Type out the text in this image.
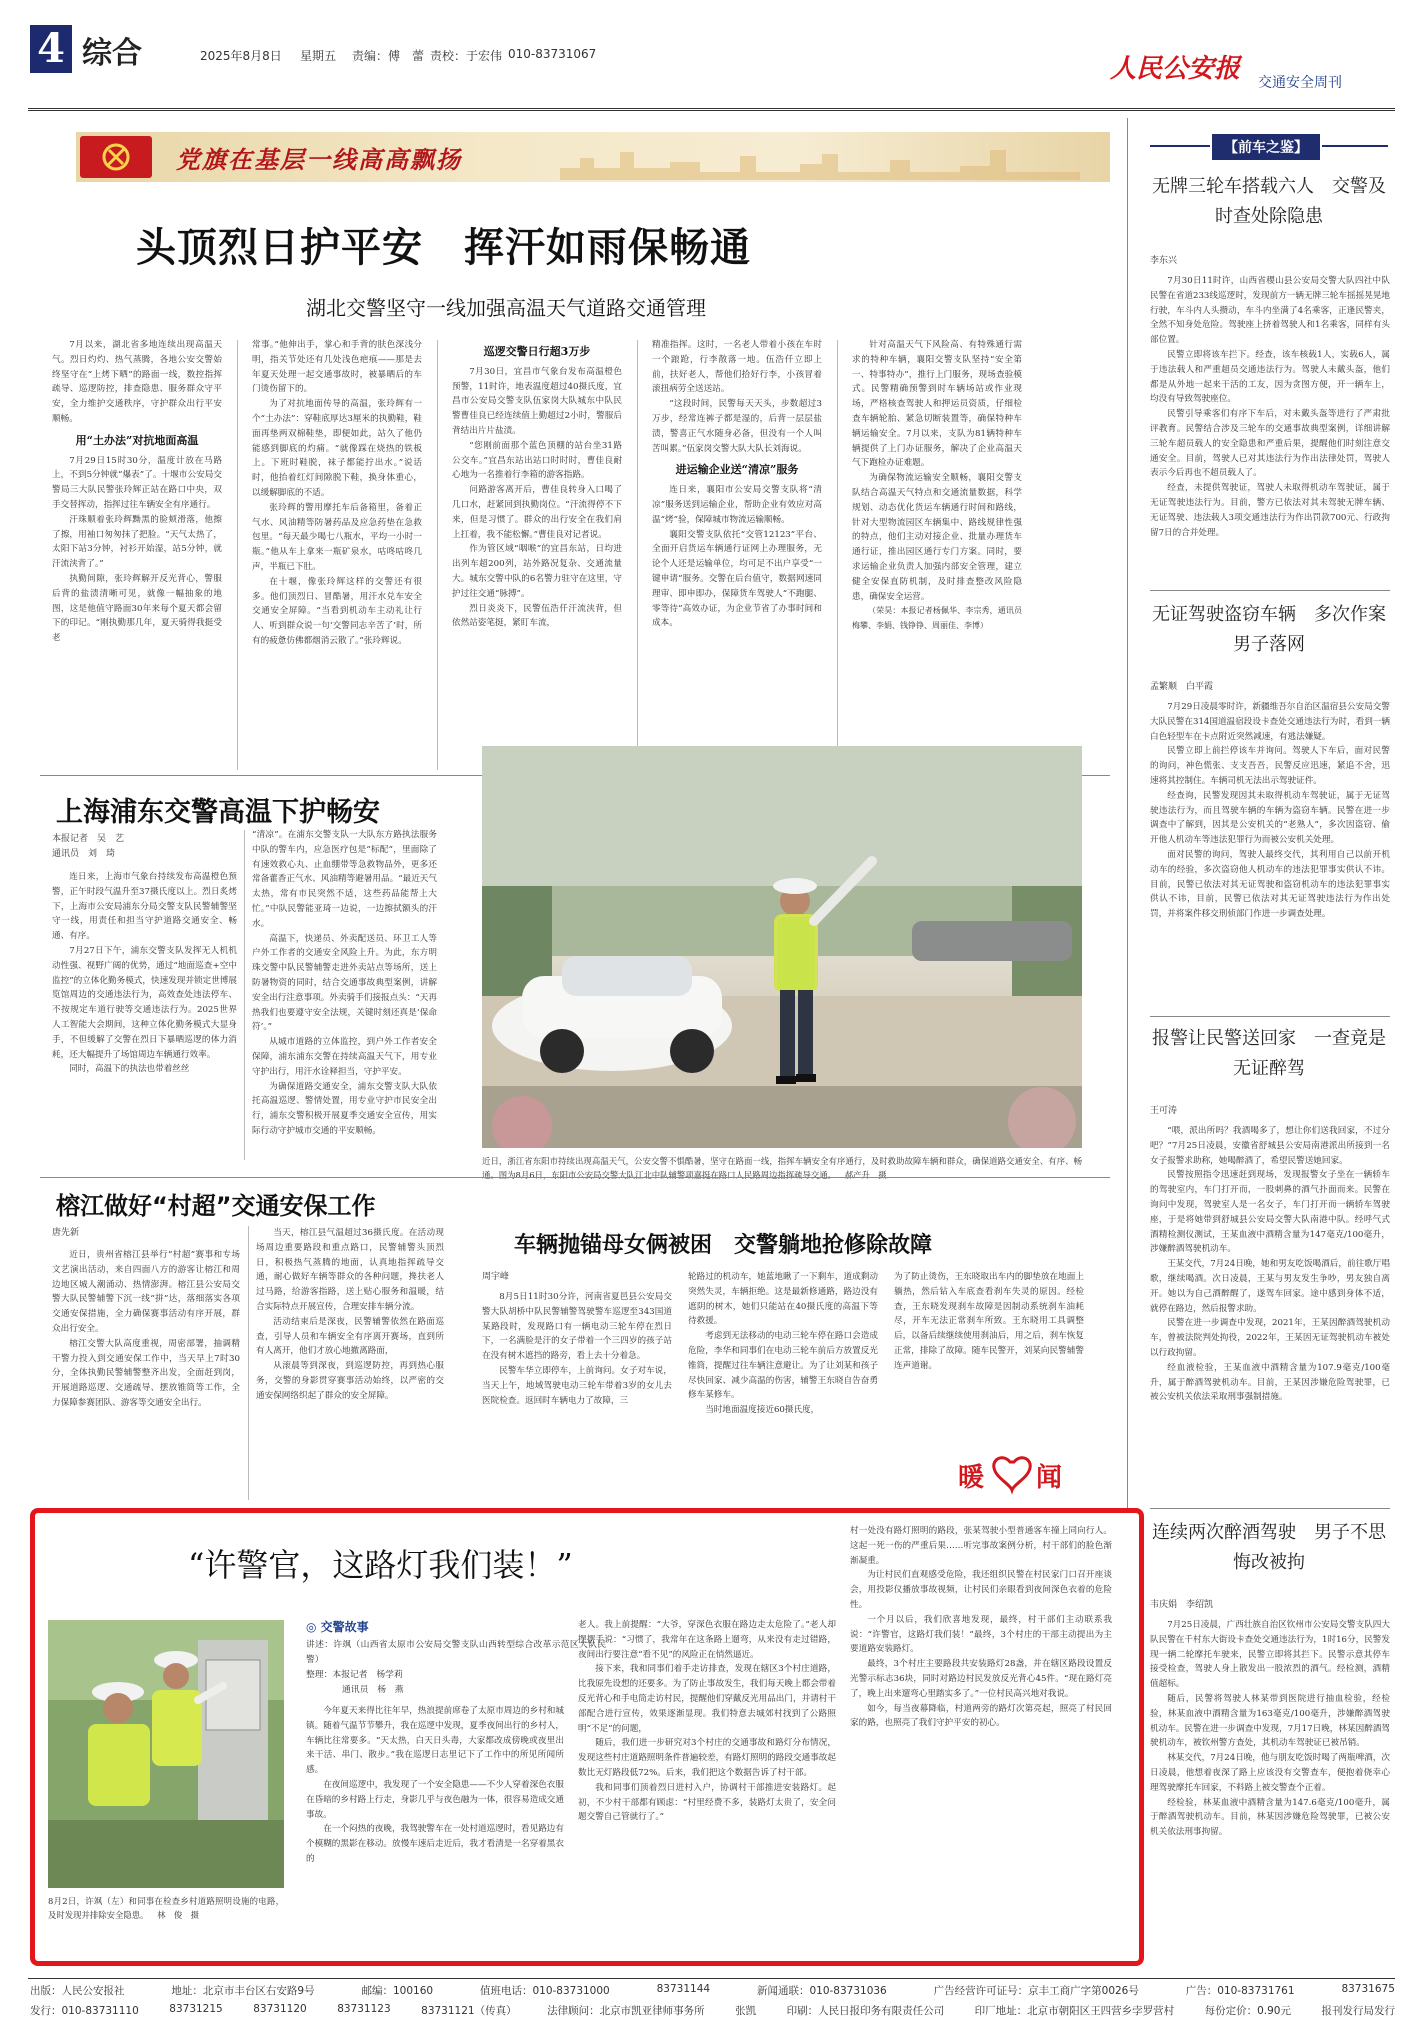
4 综合	2025年8月8日 星期五 责编：傅　蕾 责校：于宏伟 010-83731067	人民公安报 交通安全周刊
党旗在基层一线高高飘扬
头顶烈日护平安　挥汗如雨保畅通
湖北交警坚守一线加强高温天气道路交通管理

7月以来，湖北省多地连续出现高温天气。烈日灼灼、热气蒸腾，各地公安交警始终坚守在“上烤下晒”的路面一线，数控指挥疏导、巡逻防控，排查隐患、服务群众守平安，全力维护交通秩序，守护群众出行平安顺畅。

用“土办法”对抗地面高温

7月29日15时30分，温度计放在马路上，不到5分钟就“爆表”了。十堰市公安局交警局三大队民警张玲辉正站在路口中央，双手交替挥动，指挥过往车辆安全有序通行。

汗珠顺着张玲辉黝黑的脸颊滑落，他擦了擦，用袖口匆匆抹了把脸。“天气太热了，太阳下站3分钟，衬衫开始湿，站5分钟，就汗流浃背了。”

执勤间隙，张玲辉解开反光背心，警服后背的盐渍清晰可见，就像一幅抽象的地图，这是他值守路面30年来每个夏天都会留下的印记。“刚执勤那几年，夏天骑得我挺受老

常事。”他伸出手，掌心和手背的肤色深浅分明，指关节处还有几处浅色疤痕——那是去年夏天处理一起交通事故时，被暴晒后的车门烫伤留下的。

为了对抗地面传导的高温，张玲辉有一个“土办法”：穿鞋底厚达3厘米的执勤鞋，鞋面再垫两双棉鞋垫，即便如此，站久了他仍能感到脚底的灼痛。“就像踩在烧热的铁板上。下班时鞋脱，袜子都能拧出水。”说话时，他抬着红灯间隙脱下鞋，换身体重心，以缓解脚底的不适。

张玲辉的警用摩托车后备箱里，备着正气水、风油精等防暑药品及应急药垫在急救包里。“每天最少喝七八瓶水，平均一小时一瓶。”他从车上拿来一瓶矿泉水，咕咚咕咚几声，半瓶已下肚。

在十堰，像张玲辉这样的交警还有很多。他们顶烈日、冒酷暑，用汗水兑车安全交通安全屏障。“当看到机动车主动礼让行人、听到群众说一句‘交警同志辛苦了’时，所有的疲惫仿佛都烟消云散了。”张玲辉说。

巡逻交警日行超3万步

7月30日，宜昌市气象台发布高温橙色预警，11时许，地表温度超过40摄氏度，宜昌市公安局交警支队伍家岗大队城东中队民警曹佳良已经连续值上勤超过2小时，警服后背结出片片盐渍。

“您刚前面那个蓝色顶棚的站台坐31路公交车。”宜昌东站出站口时时时，曹佳良耐心地为一名推着行李箱的游客指路。

问路游客离开后，曹佳良转身入口喝了几口水，赶紧回到执勤岗位。“汗流得停不下来，但是习惯了。群众的出行安全在我们肩上扛着，我不能松懈。”曹佳良对记者说。

作为管区域“咽喉”的宜昌东站，日均进出列车超200列，站外路况复杂、交通流量大。城东交警中队的6名警力驻守在这里，守护过往交通“脉搏”。

烈日炎炎下，民警伍浩仟汗流浃背，但依然站姿笔挺，紧盯车流，

精准指挥。这时，一名老人带着小孩在车时一个踉跄，行李散落一地。伍浩仟立即上前，扶好老人，帮他们拾好行李，小孩冒着滚扭病劳全送送站。

“这段时间，民警每天天头，步数超过3万步，经常连裤子都是湿的，后背一层层盐渍，警喜正气水随身必备，但没有一个人叫苦叫累。”伍家岗交警大队大队长刘海说。

进运输企业送“清凉”服务

连日来，襄阳市公安局交警支队将“清凉”服务送到运输企业，帮助企业有效应对高温“烤”验，保障城市物流运输顺畅。

襄阳交警支队依托“交管12123”平台、全面开启货运车辆通行证网上办理服务，无论个人还是运输单位，均可足不出户享受“一键申请”服务。交警在后台值守，数据网速同理审、即申即办，保障货车驾驶人“不跑腿、零等待”高效办证，为企业节省了办事时间和成本。

针对高温天气下风险高、有特殊通行需求的特种车辆，襄阳交警支队坚持“安全第一、特事特办”，推行上门服务，现场查验模式。民警精确预警到时车辆场站或作业现场，严格核查驾驶人和押运员资质，仔细检查车辆轮胎、紧急切断装置等，确保特种车辆运输安全。7月以来，支队为81辆特种车辆提供了上门办证服务，解决了企业高温天气下跑检办证难题。

为确保物流运输安全顺畅，襄阳交警支队结合高温天气特点和交通流量数据，科学规划、动态优化货运车辆通行时间和路线，针对大型物流园区车辆集中、路线规律性强的特点，他们主动对接企业、批量办理货车通行证，推出园区通行专门方案。同时，要求运输企业负责人加强内部安全管理，建立健全安保直防机制，及时排查整改风险隐患，确保安全运营。

（荣昊：本报记者杨佩华、李宗秀，通讯员梅攀、李娟、钱铮铮、周丽佳、李博）

上海浦东交警高温下护畅安
本报记者　吴　艺
通讯员　刘　琦

连日来，上海市气象台持续发布高温橙色预警，正午时段气温升至37摄氏度以上。烈日炙烤下，上海市公安局浦东分局交警支队民警辅警坚守一线，用责任和担当守护道路交通安全、畅通、有序。

7月27日下午，浦东交警支队发挥无人机机动性强、视野广阔的优势，通过“地面巡查+空中监控”的立体化勤务模式，快速发现并锁定世博展览馆周边的交通违法行为，高效查处违法停车、不按规定车道行驶等交通违法行为。2025世界人工智能大会期间，这种立体化勤务模式大显身手，不但缓解了交警在烈日下暴晒巡逻的体力消耗，还大幅提升了场馆周边车辆通行效率。

同时，高温下的执法也带着丝丝

“清凉”。在浦东交警支队一大队东方路执法服务中队的警车内，应急医疗包是“标配”，里面除了有速效救心丸、止血绷带等急救物品外，更多还常备藿香正气水、风油精等避暑用品。“最近天气太热，常有市民突然不适，这些药品能帮上大忙。”中队民警能亚琦一边说，一边擦拭额头的汗水。

高温下，快递员、外卖配送员、环卫工人等户外工作者的交通安全风险上升。为此，东方明珠交警中队民警辅警走进外卖站点等场所，送上防暑物资的同时，结合交通事故典型案例，讲解安全出行注意事项。外卖骑手们接报点头：“天再热我们也要遵守安全法规，关键时刻还真是‘保命符’。”

从城市道路的立体监控，到户外工作者安全保障，浦东浦东交警在持续高温天气下，用专业守护出行，用汗水诠释担当，守护平安。

为确保道路交通安全，浦东交警支队大队依托高温巡逻、警情处置，用专业守护市民安全出行，浦东交警积极开展夏季交通安全宣传，用实际行动守护城市交通的平安顺畅。

近日，浙江省东阳市持续出现高温天气，公安交警不惧酷暑，坚守在路面一线，指挥车辆安全有序通行，及时救助故障车辆和群众，确保道路交通安全、有序、畅通。图为8月6日，东阳市公安局交警大队江北中队辅警项嘉挺在路口人民路周边指挥疏导交通。 郝产升　摄
榕江做好“村超”交通安保工作
唐先新

近日，贵州省榕江县举行“村超”赛事和专场文艺演出活动，来自四面八方的游客让榕江和周边地区城人潮涌动、热情澎湃。榕江县公安局交警大队民警辅警下沉一线“拼”达，落细落实各项交通安保措施，全力确保赛事活动有序开展，群众出行安全。

榕江交警大队高度重视，周密部署，抽调精干警力投入到交通安保工作中，当天早上7时30分，全体执勤民警辅警整齐出发，全面赶到岗，开展道路巡逻、交通疏导、摆放锥筒等工作，全力保障参赛团队、游客等交通安全出行。

当天，榕江县气温超过36摄氏度。在活动现场周边重要路段和重点路口，民警辅警头顶烈日，积极热气蒸腾的地面，认真地指挥疏导交通，耐心做好车辆等群众的各种问题，搀扶老人过马路，给游客指路，送上贴心服务和温暖，结合实际特点开展宣传，合理安排车辆分流。

活动结束后是深夜，民警辅警依然在路面巡查，引导人员和车辆安全有序离开赛场，直到所有人离开，他们才放心地撤离路面，

从滚晨等到深夜，到巡逻防控，再到热心服务，交警的身影贯穿赛事活动始终，以严密的交通安保网络织起了群众的安全屏障。

车辆抛锚母女俩被困　交警躺地抢修除故障
周宇峰

8月5日11时30分许，河南省夏邑县公安局交警大队胡桥中队民警辅警驾驶警车巡逻至343国道某路段时，发现路口有一辆电动三轮车停在烈日下，一名满脸是汗的女子带着一个三四岁的孩子站在没有树木遮挡的路旁，看上去十分着急。

民警车华立即停车，上前询问。女子对车说，当天上午，地域驾驶电动三轮车带着3岁的女儿去医院检查。返回时车辆电力了故障，三

轮路过的机动车，她蓝地瞅了一下剩车，道成剩动突然失灵，车辆拒绝。这是最新修通路，路边没有遮阴的树木，她们只能站在40摄氏度的高温下等待救援。

考虑到无法移动的电动三轮车停在路口会造成危险，李华和同事们在电动三轮车前后方放置反光锥筒，提醒过往车辆注意避让。为了让刘某和孩子尽快回家、减少高温的伤害，辅警王东晓自告奋勇修车某修车。

当时地面温度接近60摄氏度，

为了防止烫伤，王东晓取出车内的脚垫放在地面上躺热，然后钻入车底查看刹车失灵的原因。经检查，王东晓发现刹车故障是因制动系统刹车油耗尽，开车无法正常刹车所致。王东晓用工具调整后，以备后续继续使用刹油后，用之后，刹车恢复正常，排除了故障。随车民警开，刘某向民警辅警连声道谢。

暖 闻
“许警官，这路灯我们装！”
8月2日，许飒（左）和同事在检查乡村道路照明设施的电路，及时发现并排除安全隐患。 林　俊　摄
◎ 交警故事
讲述：许飒（山西省太原市公安局交警支队山西转型综合改革示范区大队民警）
整理：本报记者　杨学莉
通讯员　杨　燕

今年夏天来得比往年早，热浪提前席卷了太原市周边的乡村和城镇。随着气温节节攀升，我在巡逻中发现，夏季夜间出行的乡村人，车辆比往常要多。“天太热，白天日头毒，大家都改成傍晚或夜里出来干活、串门、散步。”我在巡逻日志里记下了工作中的所见所闻所感。

在夜间巡逻中，我发现了一个安全隐患——不少人穿着深色衣服在昏暗的乡村路上行走，身影几乎与夜色融为一体，很容易造成交通事故。

在一个闷热的夜晚，我驾驶警车在一处村道巡逻时，看见路边有个模糊的黑影在移动。放慢车速后走近后，我才看清是一名穿着黑衣的

老人。我上前提醒：“大爷，穿深色衣服在路边走太危险了。”老人却摆摆手说：“习惯了，我常年在这条路上遛弯，从来没有走过错路，夜间出行要注意“看不见”的风险正在悄然逼近。

接下来，我和同事们着手走访排查，发现在辖区3个村庄道路，比我原先设想的还要多。为了防止事故发生，我们每天晚上都会带着反光背心和手电筒走访村民，提醒他们穿戴反光用品出门，并请村干部配合进行宣传，效果逐渐显现。我们特意去城郊村找到了公路照明“不足”的问题，

随后，我们进一步研究对3个村庄的交通事故和路灯分布情况，发现这些村庄道路照明条件普遍较差，有路灯照明的路段交通事故起数比无灯路段低72%。后来，我们把这个数据告诉了村干部。

我和同事们顶着烈日进村入户，协调村干部推进安装路灯。起初，不少村干部都有顾虑：“村里经费不多，装路灯太贵了，安全问题交警自己管就行了。”

村一处没有路灯照明的路段，张某驾驶小型普通客车撞上同向行人。这起一死一伤的严重后果……听完事故案例分析，村干部们的脸色渐渐凝重。

为让村民们直观感受危险，我还组织民警在村民家门口召开座谈会，用投影仪播放事故视频，让村民们亲眼看到夜间深色衣着的危险性。

一个月以后，我们欣喜地发现，最终，村干部们主动联系我说：“许警官，这路灯我们装！”最终，3个村庄的干部主动提出为主要道路安装路灯。

最终，3个村庄主要路段共安装路灯28盏，并在辖区路段设置反光警示标志36块，同时对路边村民发放反光背心45件。“现在路灯亮了，晚上出来遛弯心里踏实多了。”一位村民高兴地对我说。

如今，每当夜幕降临，村道两旁的路灯次第亮起，照亮了村民回家的路，也照亮了我们守护平安的初心。

【前车之鉴】
无牌三轮车搭载六人　交警及时查处除隐患
李东兴

7月30日11时许，山西省稷山县公安局交警大队四社中队民警在省道233线巡逻时，发现前方一辆无牌三轮车摇摇晃晃地行驶，车斗内人头攒动，车斗内坐满了4名乘客，正逢民警夹，全然不知身处危险。驾驶座上挤着驾驶人和1名乘客，同样有头部位置。

民警立即将该车拦下。经查，该车核载1人，实载6人，属于违法载人和严重超员交通违法行为。驾驶人未戴头盔，他们都是从外地一起来干活的工友，因为贪图方便，开一辆车上，均没有导致驾驶座位。

民警引导乘客们有序下车后，对未戴头盔等进行了严肃批评教育。民警结合涉及三轮车的交通事故典型案例，详细讲解三轮车超员载人的安全隐患和严重后果，提醒他们时刻注意交通安全。目前，驾驶人已对其违法行为作出法律处罚，驾驶人表示今后再也不超员载人了。

经查，未提供驾驶证，驾驶人未取得机动车驾驶证，属于无证驾驶违法行为。目前，警方已依法对其未驾驶无牌车辆、无证驾驶、违法载人3项交通违法行为作出罚款700元、行政拘留7日的合并处理。

无证驾驶盗窃车辆　多次作案男子落网
孟繁顺　白平霞

7月29日凌晨零时许，新疆维吾尔自治区温宿县公安局交警大队民警在314国道温宿段设卡查处交通违法行为时，看到一辆白色轻型车在卡点附近突然减速，有逃法嫌疑。

民警立即上前拦停该车并询问。驾驶人下车后，面对民警的询问，神色慌张、支支吾吾，民警反应迅速，紧追不舍，迅速将其控制住。车辆司机无法出示驾驶证件。

经查询，民警发现因其未取得机动车驾驶证，属于无证驾驶违法行为，而且驾驶车辆的车辆为盗窃车辆。民警在进一步调查中了解到，因其是公安机关的“老熟人”，多次因盗窃、偷开他人机动车等违法犯罪行为而被公安机关处理。

面对民警的询问，驾驶人最终交代，其利用自己以前开机动车的经验，多次盗窃他人机动车的违法犯罪事实供认不讳。目前，民警已依法对其无证驾驶和盗窃机动车的违法犯罪事实供认不讳，目前，民警已依法对其无证驾驶违法行为作出处罚，并将案件移交刑侦部门作进一步调查处理。

报警让民警送回家　一查竟是无证醉驾
王可涛

“喂，派出所吗？我酒喝多了，想让你们送我回家，不过分吧？”7月25日凌晨，安徽省舒城县公安局南港派出所接到一名女子报警求助称，她喝醉酒了，希望民警送她回家。

民警按照指令迅速赶到现场，发现报警女子坐在一辆轿车的驾驶室内，车门打开而，一股刺鼻的酒气扑面而来。民警在询问中发现，驾驶室人是一名女子，车门打开而一辆轿车驾驶座，于是将她带到舒城县公安局交警大队南港中队。经呼气式酒精检测仪测试，王某血液中酒精含量为147毫克/100毫升，涉嫌醉酒驾驶机动车。

王某交代，7月24日晚，她和男友吃饭喝酒后，前往歌厅唱歌，继续喝酒。次日凌晨，王某与男友发生争吵，男友独自离开。她以为自己酒醉醒了，遂驾车回家。途中感到身体不适，就停在路边，然后报警求助。

民警在进一步调查中发现，2021年，王某因醉酒驾驶机动车，曾被法院判处拘役，2022年，王某因无证驾驶机动车被处以行政拘留。

经血液检验，王某血液中酒精含量为107.9毫克/100毫升，属于醉酒驾驶机动车。目前，王某因涉嫌危险驾驶罪，已被公安机关依法采取刑事强制措施。

连续两次醉酒驾驶　男子不思悔改被拘
韦庆娟　李绍凯

7月25日凌晨，广西壮族自治区钦州市公安局交警支队四大队民警在千村东大街设卡查处交通违法行为，1时16分，民警发现一辆二轮摩托车驶来，民警立即将其拦下。民警示意其停车接受检查，驾驶人身上散发出一股浓烈的酒气。经检测，酒精值超标。

随后，民警将驾驶人林某带到医院进行抽血检验，经检验，林某血液中酒精含量为163毫克/100毫升，涉嫌醉酒驾驶机动车。民警在进一步调查中发现，7月17日晚，林某因醉酒驾驶机动车，被钦州警方查处，其机动车驾驶证已被吊销。

林某交代，7月24日晚，他与朋友吃饭时喝了两瓶啤酒，次日凌晨，他想着夜深了路上应该没有交警查车，便抱着侥幸心理驾驶摩托车回家，不料路上被交警查个正着。

经检验，林某血液中酒精含量为147.6毫克/100毫升，属于醉酒驾驶机动车。目前，林某因涉嫌危险驾驶罪，已被公安机关依法刑事拘留。

出版：人民公安报社	地址：北京市丰台区右安路9号	邮编：100160	值班电话：010-83731000	83731144	新闻通联：010-83731036	广告经营许可证号：京丰工商广字第0026号	广告：010-83731761	83731675
发行：010-83731110	83731215	83731120	83731123	83731121（传真）	法律顾问：北京市凯亚律师事务所	张凯	印刷：人民日报印务有限责任公司	印厂地址：北京市朝阳区王四营乡孛罗营村	每份定价：0.90元	报刊发行局发行
